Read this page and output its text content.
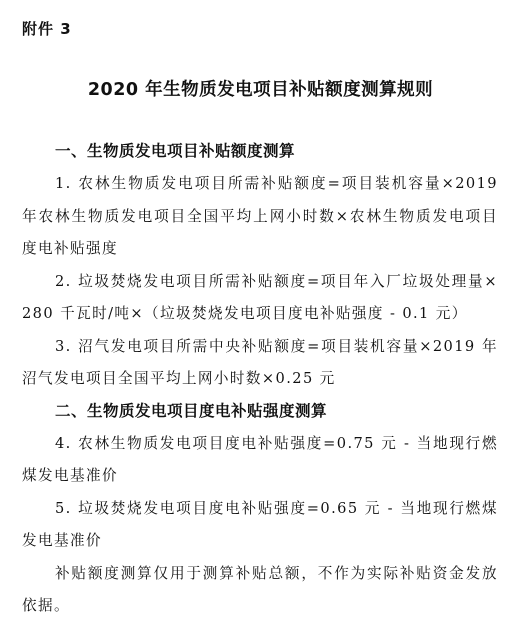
附件 3
2020 年生物质发电项目补贴额度测算规则
一、生物质发电项目补贴额度测算

1. 农林生物质发电项目所需补贴额度=项目装机容量×2019 年农林生物质发电项目全国平均上网小时数×农林生物质发电项目度电补贴强度

2. 垃圾焚烧发电项目所需补贴额度=项目年入厂垃圾处理量×280 千瓦时/吨×（垃圾焚烧发电项目度电补贴强度 - 0.1 元）

3. 沼气发电项目所需中央补贴额度=项目装机容量×2019 年沼气发电项目全国平均上网小时数×0.25 元

二、生物质发电项目度电补贴强度测算

4. 农林生物质发电项目度电补贴强度=0.75 元 - 当地现行燃煤发电基准价

5. 垃圾焚烧发电项目度电补贴强度=0.65 元 - 当地现行燃煤发电基准价

补贴额度测算仅用于测算补贴总额，不作为实际补贴资金发放依据。
